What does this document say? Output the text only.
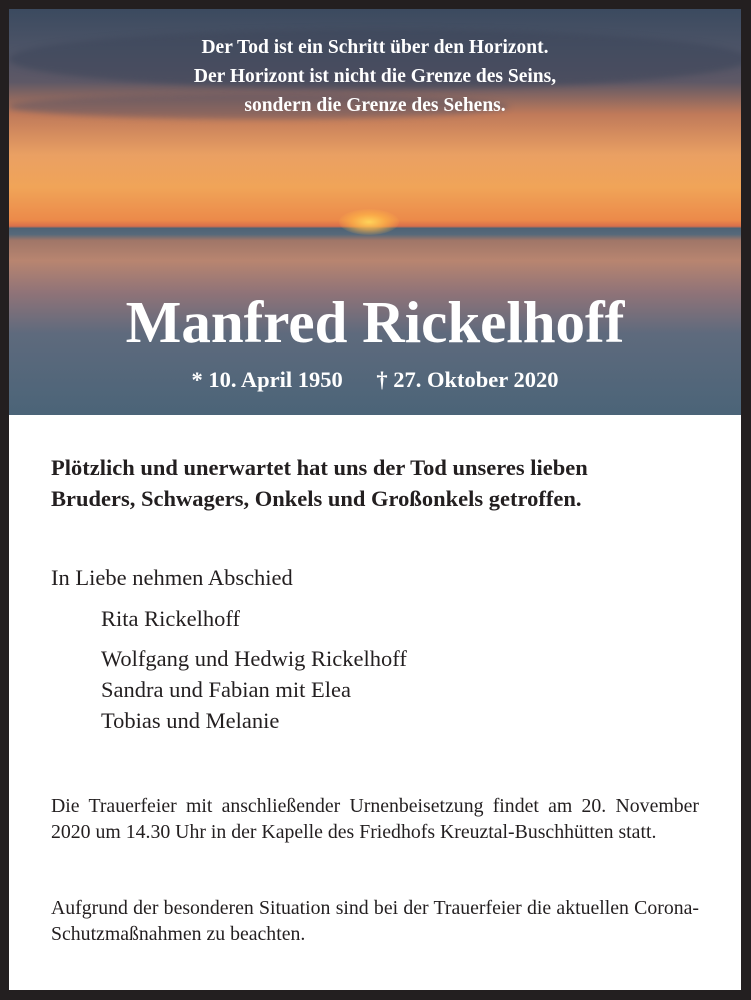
Der Tod ist ein Schritt über den Horizont.
Der Horizont ist nicht die Grenze des Seins,
sondern die Grenze des Sehens.
Manfred Rickelhoff
* 10. April 1950 † 27. Oktober 2020
Plötzlich und unerwartet hat uns der Tod unseres lieben
Bruders, Schwagers, Onkels und Großonkels getroffen.
In Liebe nehmen Abschied
Rita Rickelhoff
Wolfgang und Hedwig Rickelhoff
Sandra und Fabian mit Elea
Tobias und Melanie
Die Trauerfeier mit anschließender Urnenbeisetzung findet am 20. November 2020 um 14.30 Uhr in der Kapelle des Friedhofs Kreuztal-Buschhütten statt.
Aufgrund der besonderen Situation sind bei der Trauerfeier die aktuellen Corona-Schutzmaßnahmen zu beachten.
